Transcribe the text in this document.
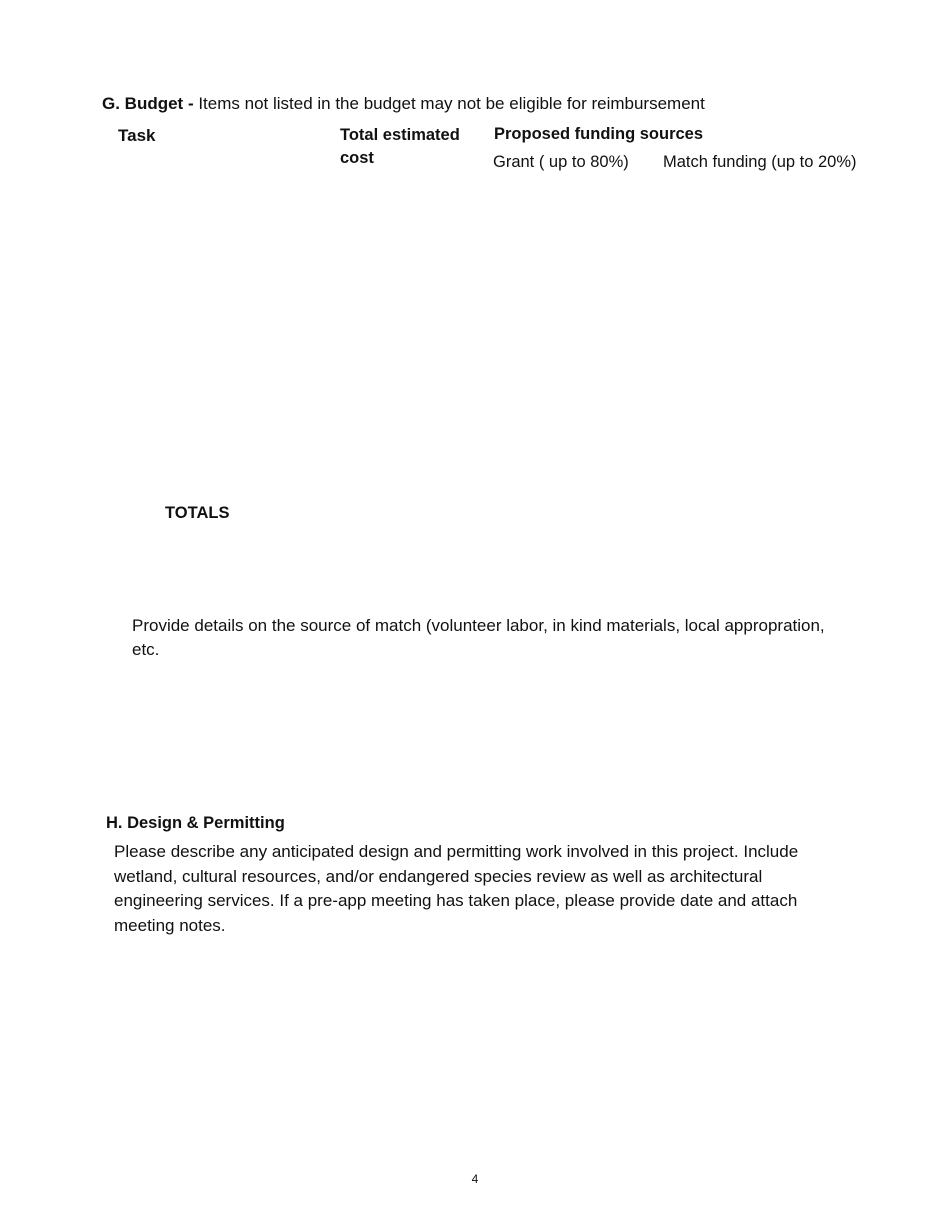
G. Budget - Items not listed in the budget may not be eligible for reimbursement
Task	Total estimated cost
Proposed funding sources
Grant ( up to 80%) Match funding (up to 20%)
TOTALS
Provide details on the source of match (volunteer labor, in kind materials, local appropration, etc.
H. Design & Permitting
Please describe any anticipated design and permitting work involved in this project. Include wetland, cultural resources, and/or endangered species review as well as architectural engineering services. If a pre-app meeting has taken place, please provide date and attach meeting notes.
4
